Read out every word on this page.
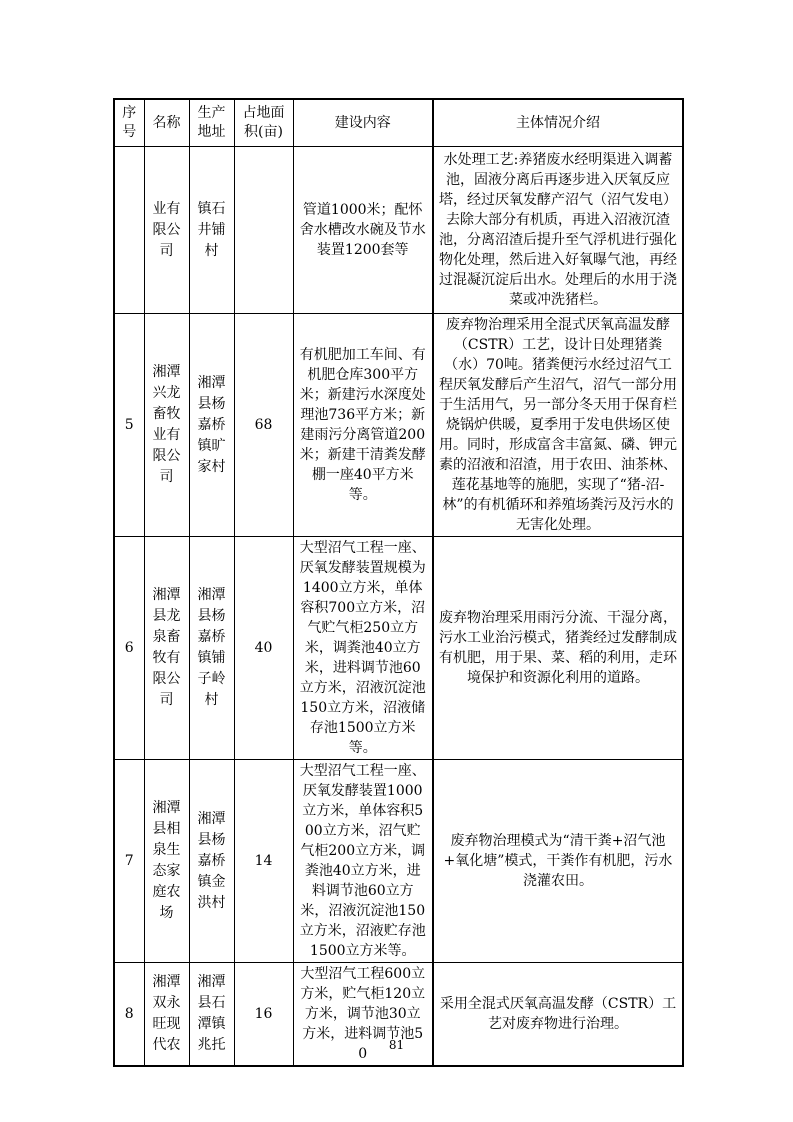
序号	名称	生产地址	占地面积(亩)	建设内容	主体情况介绍
	业有限公司	镇石井铺村		管道1000米；配怀舍水槽改水碗及节水装置1200套等	水处理工艺:养猪废水经明渠进入调蓄池，固液分离后再逐步进入厌氧反应塔，经过厌氧发酵产沼气（沼气发电）去除大部分有机质，再进入沼液沉渣池，分离沼渣后提升至气浮机进行强化物化处理，然后进入好氧曝气池，再经过混凝沉淀后出水。处理后的水用于浇菜或冲洗猪栏。
5	湘潭兴龙畜牧业有限公司	湘潭县杨嘉桥镇旷家村	68	有机肥加工车间、有机肥仓库300平方米；新建污水深度处理池736平方米；新建雨污分离管道200米；新建干清粪发酵棚一座40平方米等。	废弃物治理采用全混式厌氧高温发酵（CSTR）工艺，设计日处理猪粪（水）70吨。猪粪便污水经过沼气工程厌氧发酵后产生沼气，沼气一部分用于生活用气，另一部分冬天用于保育栏烧锅炉供暖，夏季用于发电供场区使用。同时，形成富含丰富氮、磷、钾元素的沼液和沼渣，用于农田、油茶林、莲花基地等的施肥，实现了“猪-沼-林”的有机循环和养殖场粪污及污水的无害化处理。
6	湘潭县龙泉畜牧有限公司	湘潭县杨嘉桥镇铺子岭村	40	大型沼气工程一座、厌氧发酵装置规模为1400立方米，单体容积700立方米，沼气贮气柜250立方米，调粪池40立方米，进料调节池60立方米，沼液沉淀池150立方米，沼液储存池1500立方米等。	废弃物治理采用雨污分流、干湿分离，污水工业治污模式，猪粪经过发酵制成有机肥，用于果、菜、稻的利用，走环境保护和资源化利用的道路。
7	湘潭县相泉生态家庭农场	湘潭县杨嘉桥镇金洪村	14	大型沼气工程一座、厌氧发酵装置1000立方米，单体容积500立方米，沼气贮气柜200立方米，调粪池40立方米，进料调节池60立方米，沼液沉淀池150立方米，沼液贮存池1500立方米等。	废弃物治理模式为“清干粪+沼气池+氧化塘”模式，干粪作有机肥，污水浇灌农田。
8	湘潭双永旺现代农	湘潭县石潭镇兆托	16	大型沼气工程600立方米，贮气柜120立方米，调节池30立方米，进料调节池50	采用全混式厌氧高温发酵（CSTR）工艺对废弃物进行治理。
81
